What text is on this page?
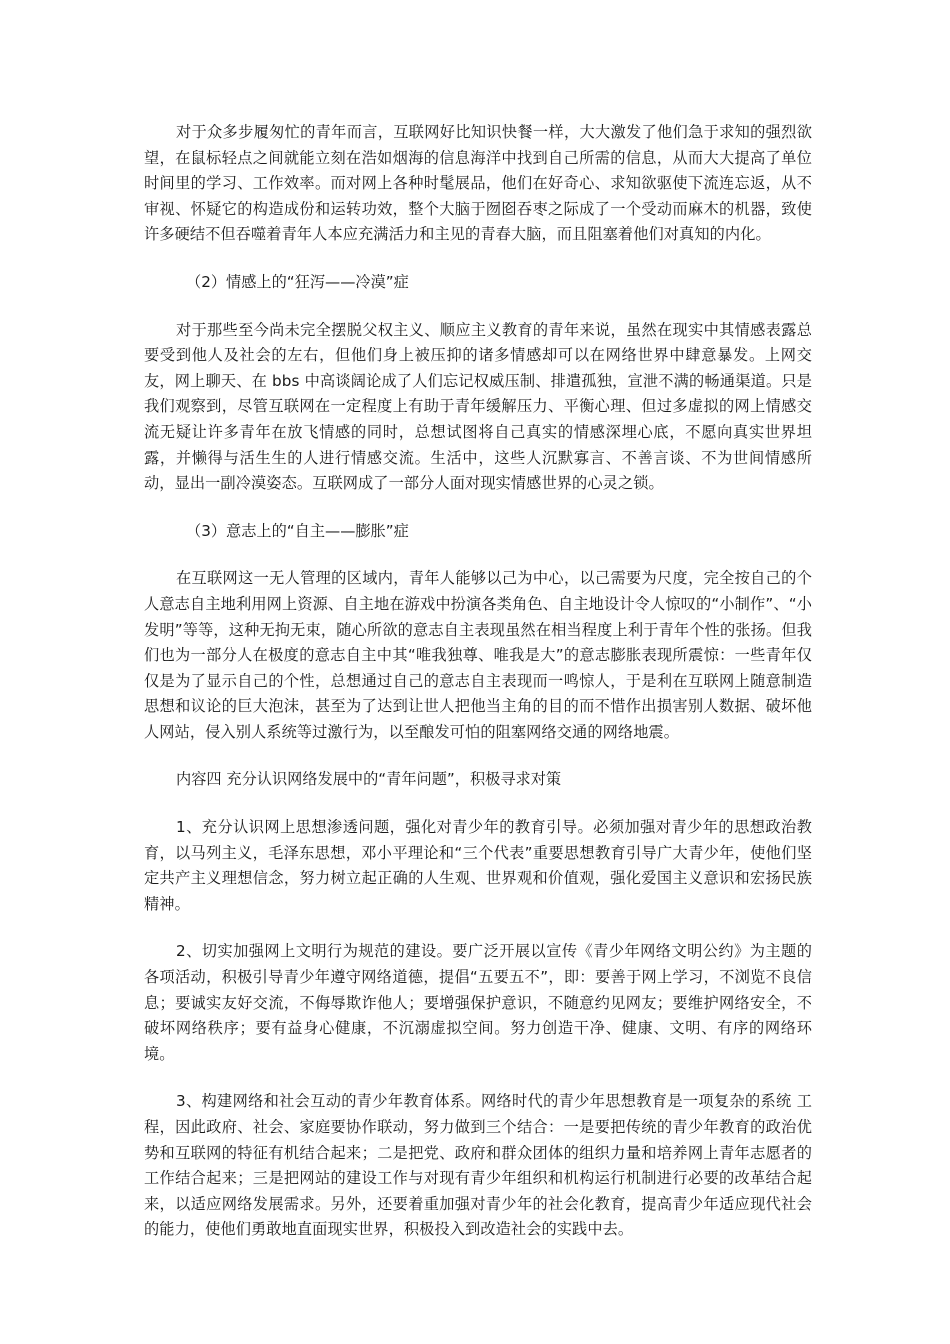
对于众多步履匆忙的青年而言，互联网好比知识快餐一样，大大激发了他们急于求知的强烈欲望，在鼠标轻点之间就能立刻在浩如烟海的信息海洋中找到自己所需的信息，从而大大提高了单位时间里的学习、工作效率。而对网上各种时髦展品，他们在好奇心、求知欲驱使下流连忘返，从不审视、怀疑它的构造成份和运转功效，整个大脑于囫囵吞枣之际成了一个受动而麻木的机器，致使许多硬结不但吞噬着青年人本应充满活力和主见的青春大脑，而且阻塞着他们对真知的内化。

（2）情感上的“狂泻——冷漠”症

对于那些至今尚未完全摆脱父权主义、顺应主义教育的青年来说，虽然在现实中其情感表露总要受到他人及社会的左右，但他们身上被压抑的诸多情感却可以在网络世界中肆意暴发。上网交友，网上聊天、在 bbs 中高谈阔论成了人们忘记权威压制、排遣孤独，宣泄不满的畅通渠道。只是我们观察到，尽管互联网在一定程度上有助于青年缓解压力、平衡心理、但过多虚拟的网上情感交流无疑让许多青年在放飞情感的同时，总想试图将自己真实的情感深埋心底，不愿向真实世界坦露，并懒得与活生生的人进行情感交流。生活中，这些人沉默寡言、不善言谈、不为世间情感所动，显出一副冷漠姿态。互联网成了一部分人面对现实情感世界的心灵之锁。

（3）意志上的“自主——膨胀”症

在互联网这一无人管理的区域内，青年人能够以己为中心，以己需要为尺度，完全按自己的个人意志自主地利用网上资源、自主地在游戏中扮演各类角色、自主地设计令人惊叹的“小制作”、“小发明”等等，这种无拘无束，随心所欲的意志自主表现虽然在相当程度上利于青年个性的张扬。但我们也为一部分人在极度的意志自主中其“唯我独尊、唯我是大”的意志膨胀表现所震惊：一些青年仅仅是为了显示自己的个性，总想通过自己的意志自主表现而一鸣惊人，于是利在互联网上随意制造思想和议论的巨大泡沫，甚至为了达到让世人把他当主角的目的而不惜作出损害别人数据、破坏他人网站，侵入别人系统等过激行为，以至酿发可怕的阻塞网络交通的网络地震。

内容四 充分认识网络发展中的“青年问题”，积极寻求对策

1、充分认识网上思想渗透问题，强化对青少年的教育引导。必须加强对青少年的思想政治教育，以马列主义，毛泽东思想，邓小平理论和“三个代表”重要思想教育引导广大青少年，使他们坚定共产主义理想信念，努力树立起正确的人生观、世界观和价值观，强化爱国主义意识和宏扬民族精神。

2、切实加强网上文明行为规范的建设。要广泛开展以宣传《青少年网络文明公约》为主题的各项活动，积极引导青少年遵守网络道德，提倡“五要五不”，即：要善于网上学习，不浏览不良信息；要诚实友好交流，不侮辱欺诈他人；要增强保护意识，不随意约见网友；要维护网络安全，不破坏网络秩序；要有益身心健康，不沉溺虚拟空间。努力创造干净、健康、文明、有序的网络环境。

3、构建网络和社会互动的青少年教育体系。网络时代的青少年思想教育是一项复杂的系统 工程，因此政府、社会、家庭要协作联动，努力做到三个结合：一是要把传统的青少年教育的政治优势和互联网的特征有机结合起来；二是把党、政府和群众团体的组织力量和培养网上青年志愿者的工作结合起来；三是把网站的建设工作与对现有青少年组织和机构运行机制进行必要的改革结合起来，以适应网络发展需求。另外，还要着重加强对青少年的社会化教育，提高青少年适应现代社会的能力，使他们勇敢地直面现实世界，积极投入到改造社会的实践中去。
